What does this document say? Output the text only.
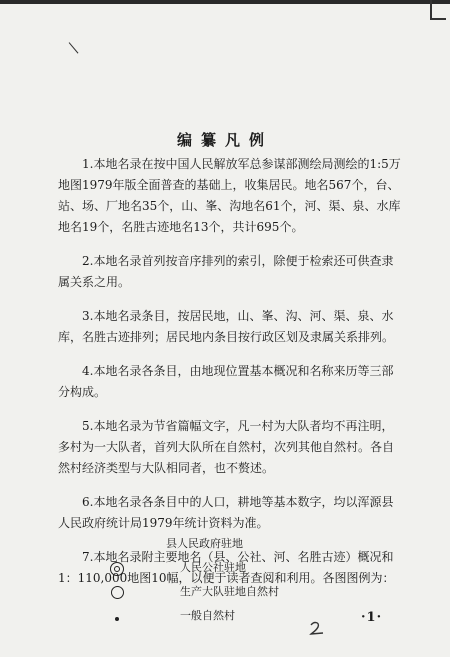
编纂凡例

1.本地名录在按中国人民解放军总参谋部测绘局测绘的1:5万地图1979年版全面普查的基础上，收集居民。地名567个，台、站、场、厂地名35个，山、峯、沟地名61个，河、渠、泉、水库地名19个，名胜古迹地名13个，共计695个。

2.本地名录首列按音序排列的索引，除便于检索还可供查隶属关系之用。

3.本地名录条目，按居民地，山、峯、沟、河、渠、泉、水库，名胜古迹排列；居民地内条目按行政区划及隶属关系排列。

4.本地名录各条目，由地现位置基本概况和名称来历等三部分构成。

5.本地名录为节省篇幅文字，凡一村为大队者均不再注明，多村为一大队者，首列大队所在自然村，次列其他自然村。各自然村经济类型与大队相同者，也不赘述。

6.本地名录各条目中的人口，耕地等基本数字，均以浑源县人民政府统计局1979年统计资料为准。

7.本地名录附主要地名（县、公社、河、名胜古迹）概况和1：110,000地图10幅，以便于读者查阅和利用。各图图例为：

县人民政府驻地
人民公社驻地
生产大队驻地自然村
一般自然村	·1·
